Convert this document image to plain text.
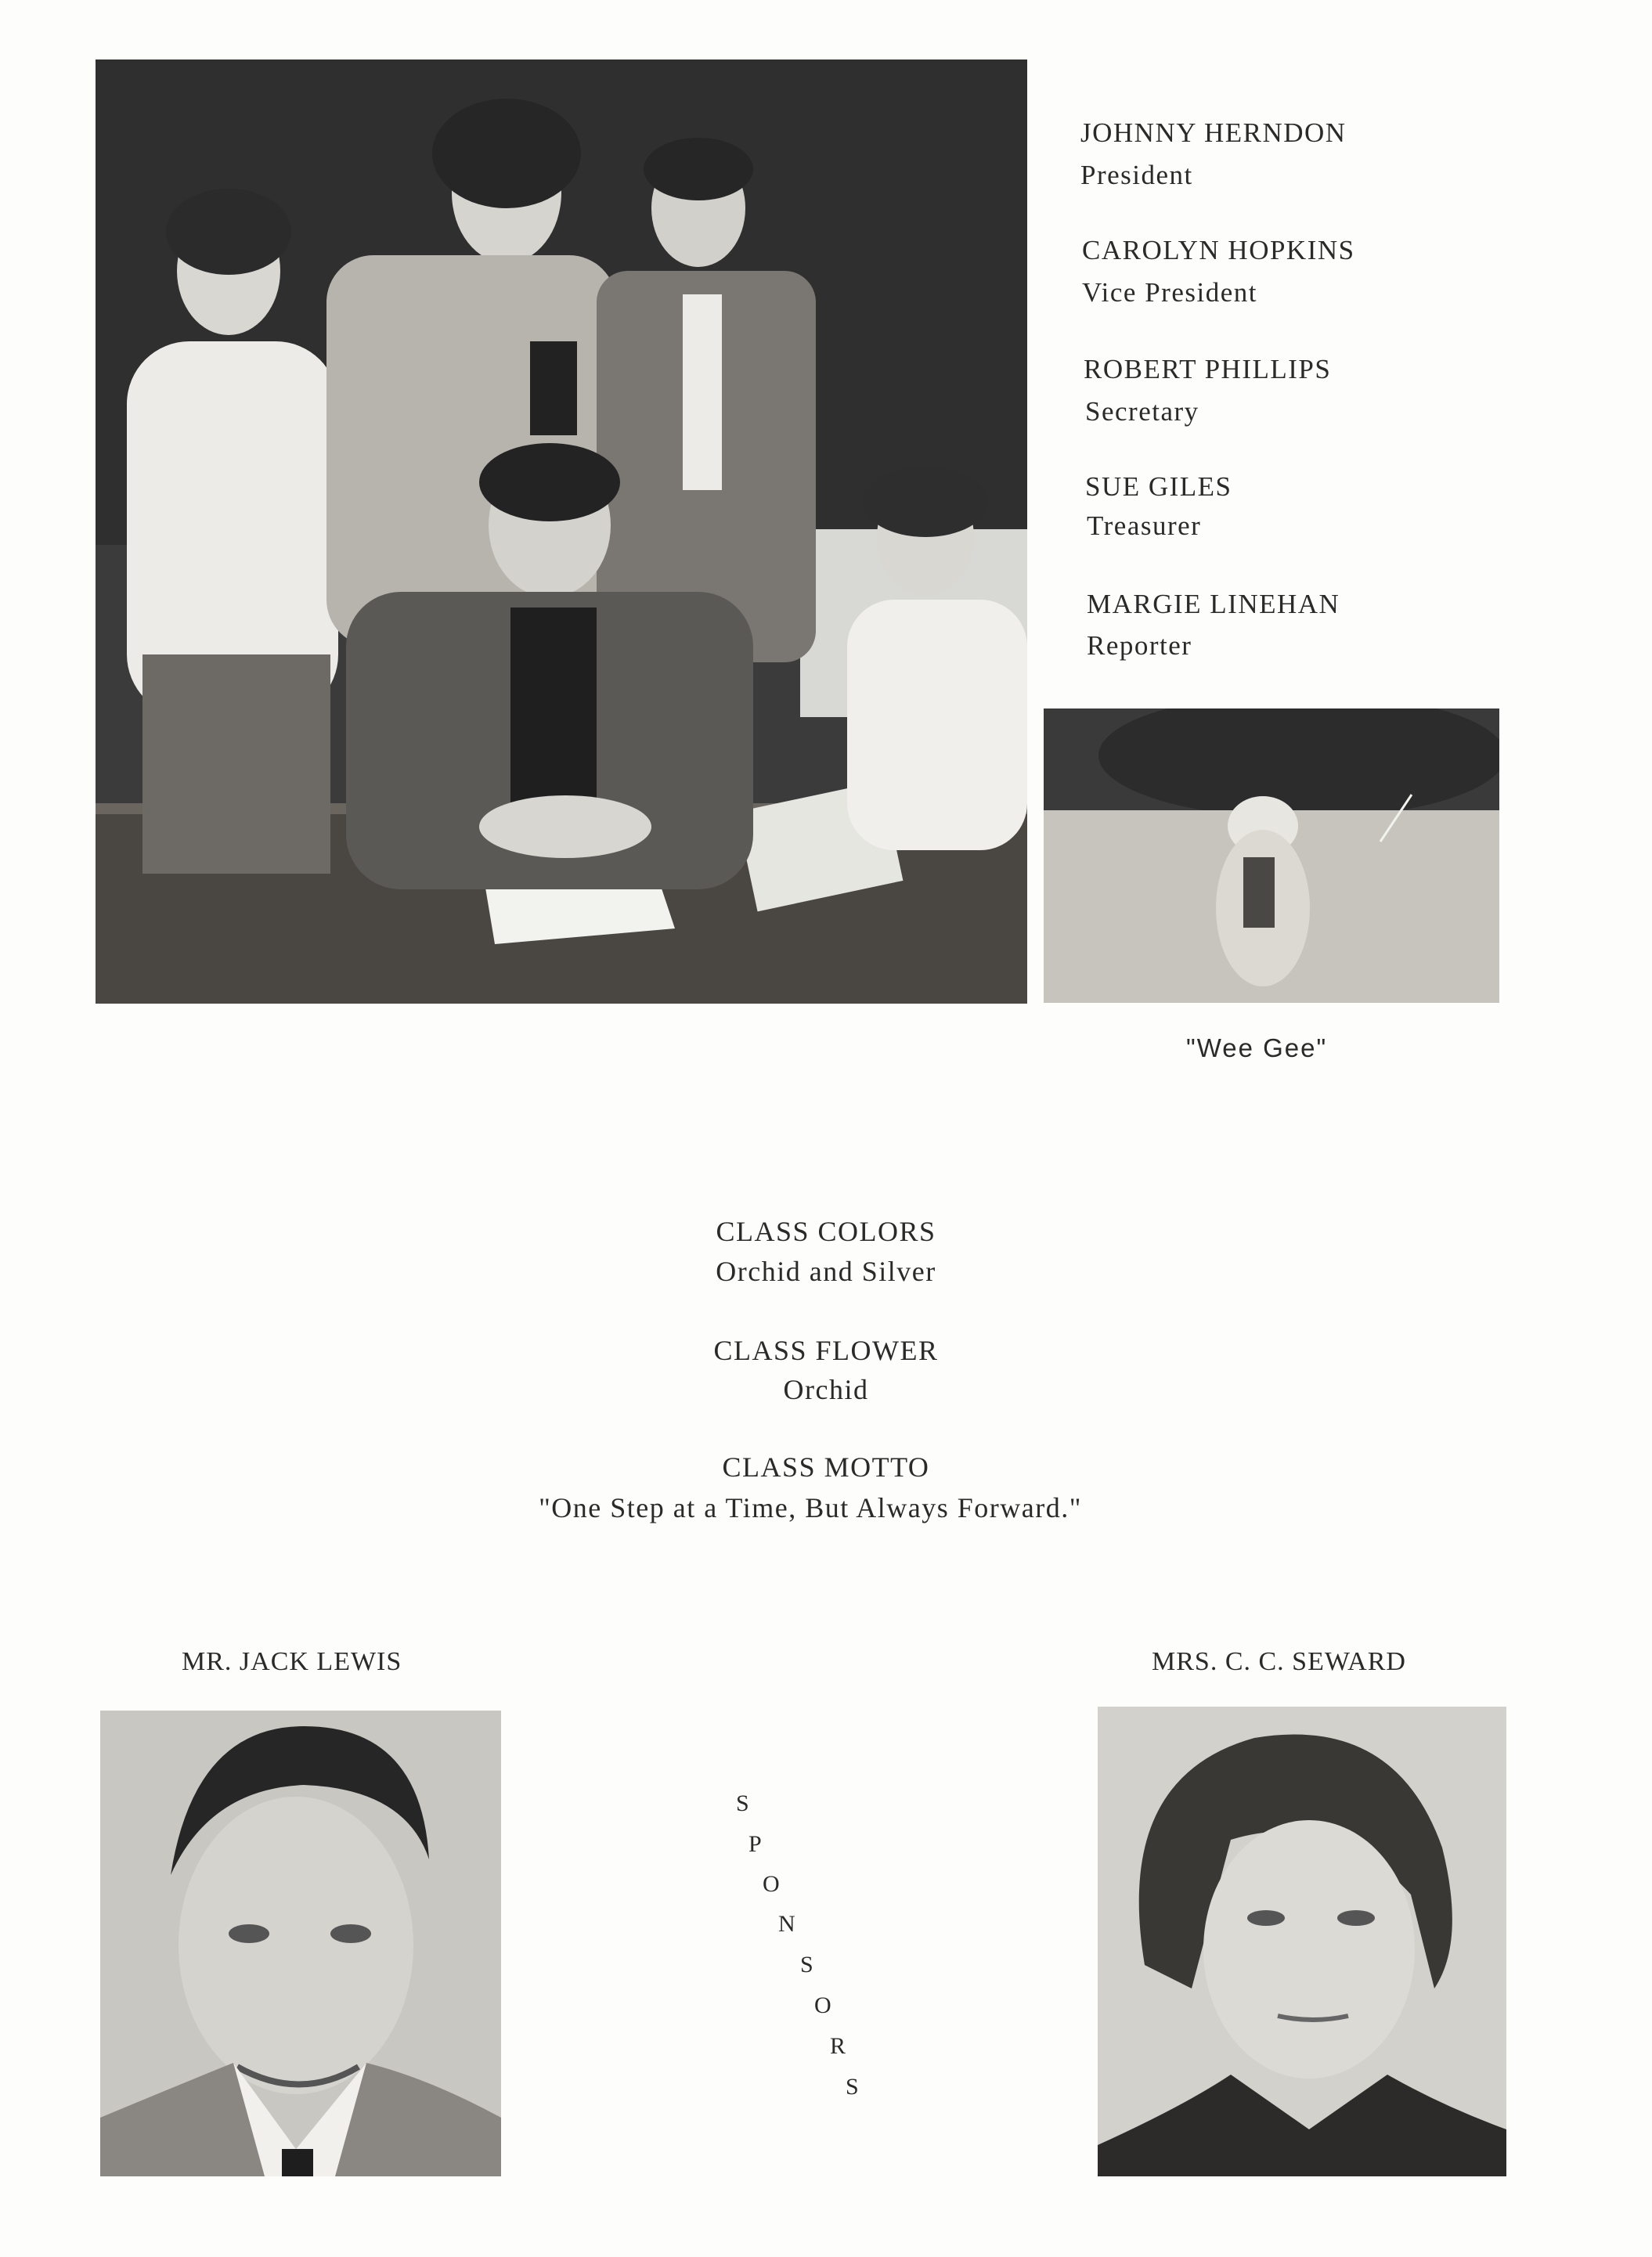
JOHNNY HERNDON
President
CAROLYN HOPKINS
Vice President
ROBERT PHILLIPS
Secretary
SUE GILES
Treasurer
MARGIE LINEHAN
Reporter
"Wee Gee"
CLASS COLORS
Orchid and Silver
CLASS FLOWER
Orchid
CLASS MOTTO
"One Step at a Time, But Always Forward."
MR. JACK LEWIS	MRS. C. C. SEWARD
S
P
O
N
S
O
R
S
